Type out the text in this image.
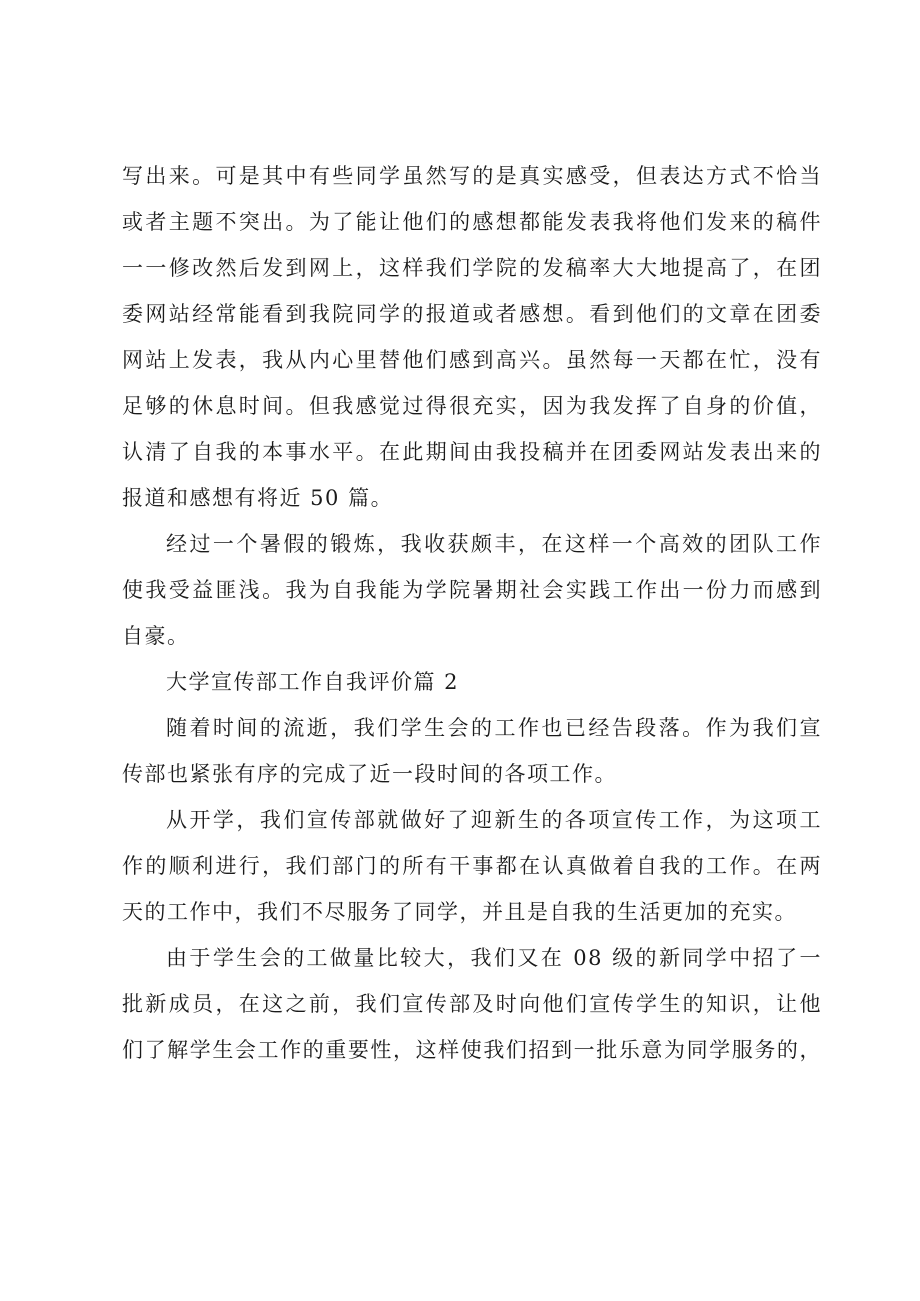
写出来。可是其中有些同学虽然写的是真实感受，但表达方式不恰当
或者主题不突出。为了能让他们的感想都能发表我将他们发来的稿件
一一修改然后发到网上，这样我们学院的发稿率大大地提高了，在团
委网站经常能看到我院同学的报道或者感想。看到他们的文章在团委
网站上发表，我从内心里替他们感到高兴。虽然每一天都在忙，没有
足够的休息时间。但我感觉过得很充实，因为我发挥了自身的价值，
认清了自我的本事水平。在此期间由我投稿并在团委网站发表出来的
报道和感想有将近 50 篇。
经过一个暑假的锻炼，我收获颇丰，在这样一个高效的团队工作
使我受益匪浅。我为自我能为学院暑期社会实践工作出一份力而感到
自豪。
大学宣传部工作自我评价篇 2
随着时间的流逝，我们学生会的工作也已经告段落。作为我们宣
传部也紧张有序的完成了近一段时间的各项工作。
从开学，我们宣传部就做好了迎新生的各项宣传工作，为这项工
作的顺利进行，我们部门的所有干事都在认真做着自我的工作。在两
天的工作中，我们不尽服务了同学，并且是自我的生活更加的充实。
由于学生会的工做量比较大，我们又在 08 级的新同学中招了一
批新成员，在这之前，我们宣传部及时向他们宣传学生的知识，让他
们了解学生会工作的重要性，这样使我们招到一批乐意为同学服务的，
